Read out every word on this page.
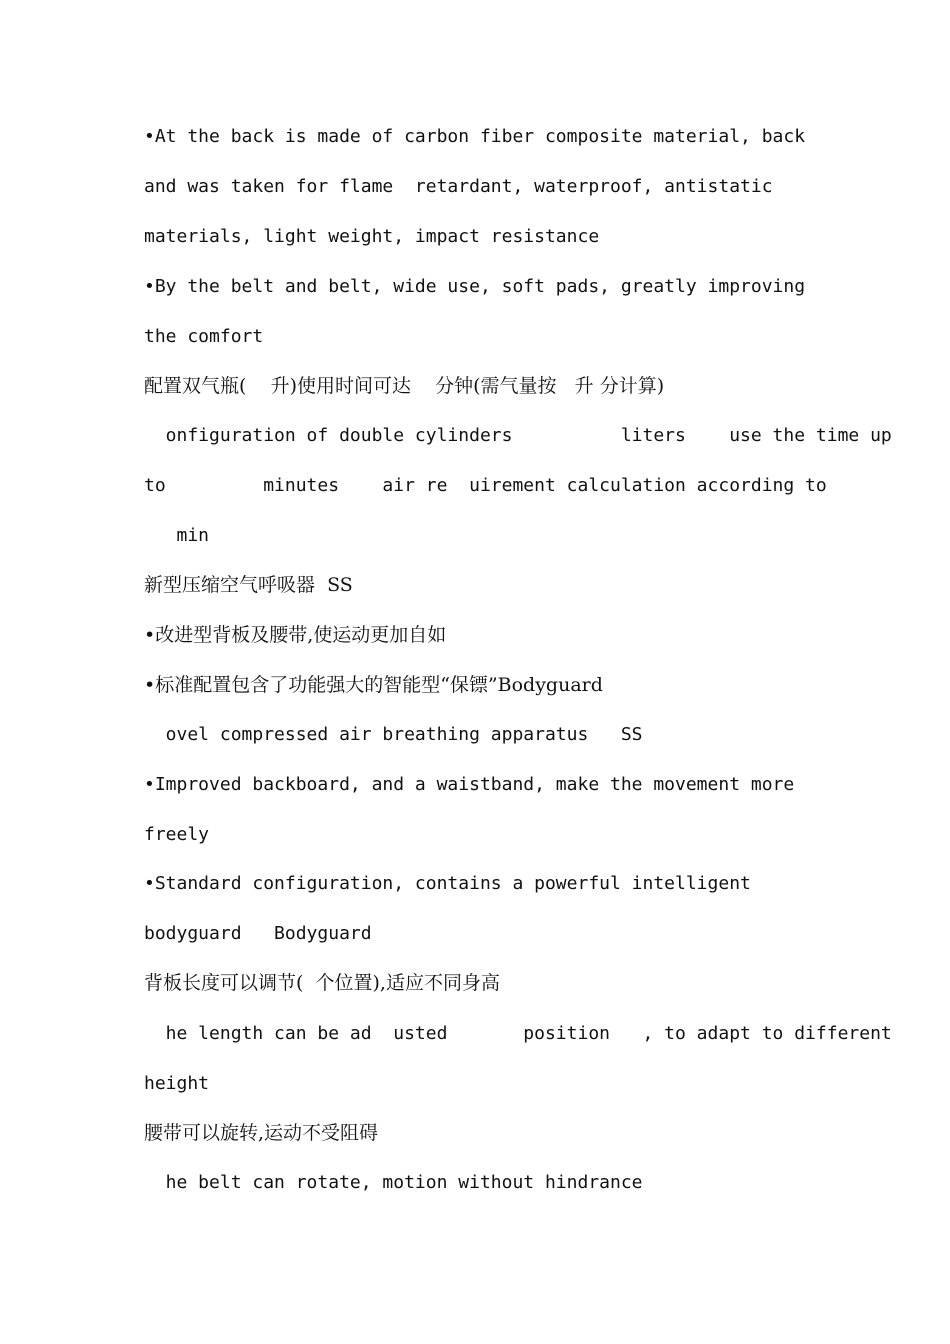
•At the back is made of carbon fiber composite material, back
and was taken for flame  retardant, waterproof, antistatic
materials, light weight, impact resistance
•By the belt and belt, wide use, soft pads, greatly improving
the comfort
配置双气瓶(    升)使用时间可达    分钟(需气量按   升 分计算)
onfiguration of double cylinders          liters    use the time up
to         minutes    air re  uirement calculation according to
min
新型压缩空气呼吸器  SS
•改进型背板及腰带,使运动更加自如
•标准配置包含了功能强大的智能型“保镖”Bodyguard
ovel compressed air breathing apparatus   SS
•Improved backboard, and a waistband, make the movement more
freely
•Standard configuration, contains a powerful intelligent
bodyguard   Bodyguard
背板长度可以调节(  个位置),适应不同身高
he length can be ad  usted       position   , to adapt to different
height
腰带可以旋转,运动不受阻碍
he belt can rotate, motion without hindrance
